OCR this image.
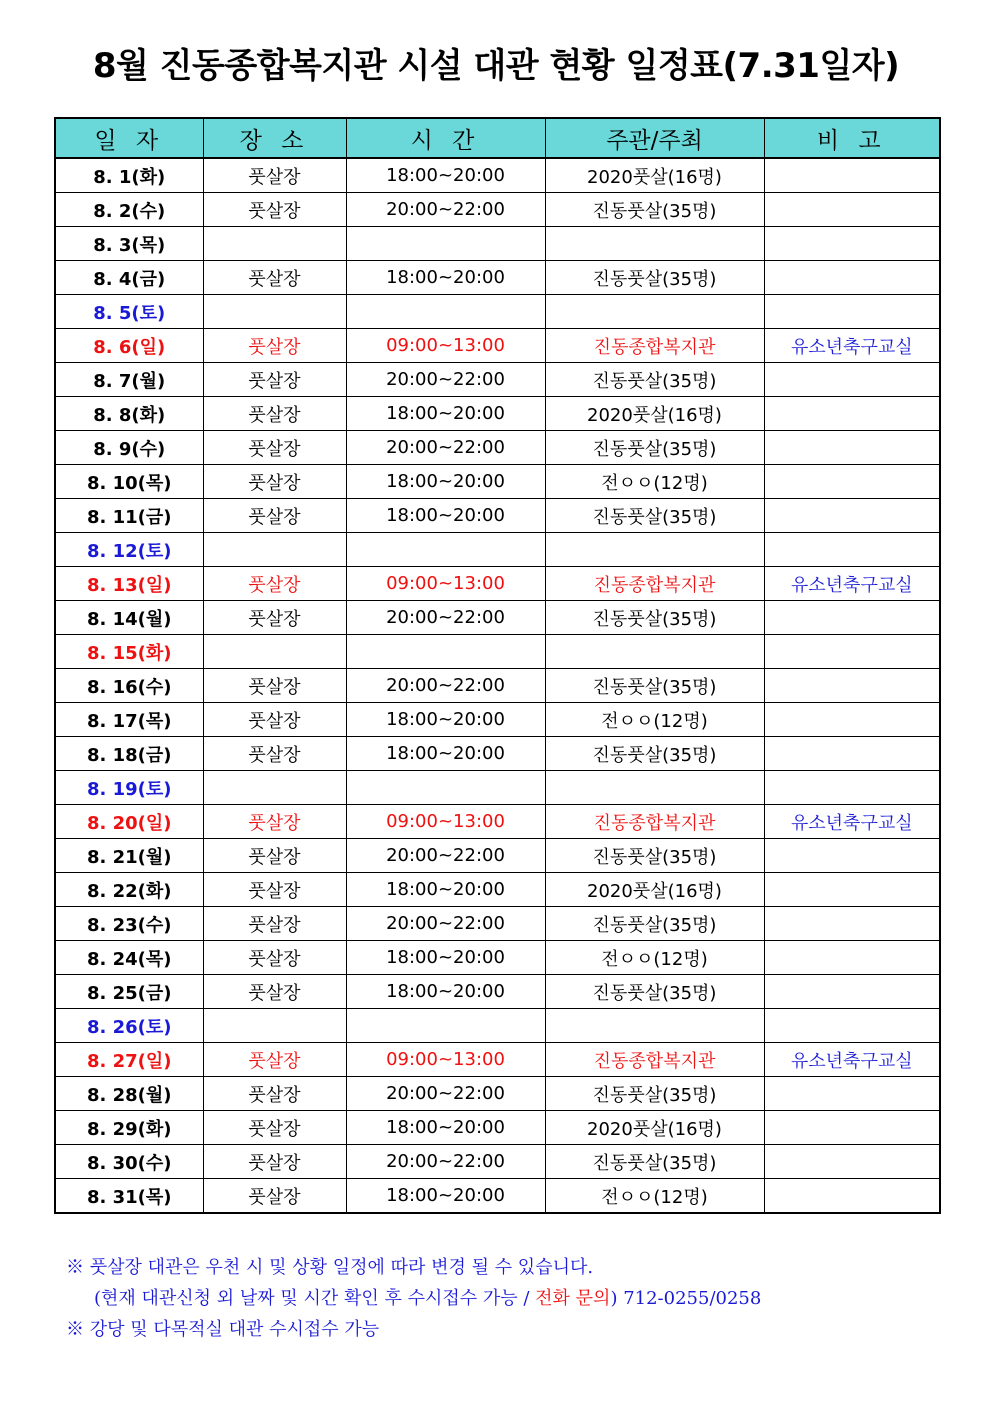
8월 진동종합복지관 시설 대관 현황 일정표(7.31일자)
일 자	장 소	시 간	주관/주최	비 고
8. 1(화)	풋살장	18:00~20:00	2020풋살(16명)	
8. 2(수)	풋살장	20:00~22:00	진동풋살(35명)	
8. 3(목)				
8. 4(금)	풋살장	18:00~20:00	진동풋살(35명)	
8. 5(토)				
8. 6(일)	풋살장	09:00~13:00	진동종합복지관	유소년축구교실
8. 7(월)	풋살장	20:00~22:00	진동풋살(35명)	
8. 8(화)	풋살장	18:00~20:00	2020풋살(16명)	
8. 9(수)	풋살장	20:00~22:00	진동풋살(35명)	
8. 10(목)	풋살장	18:00~20:00	전ㅇㅇ(12명)	
8. 11(금)	풋살장	18:00~20:00	진동풋살(35명)	
8. 12(토)				
8. 13(일)	풋살장	09:00~13:00	진동종합복지관	유소년축구교실
8. 14(월)	풋살장	20:00~22:00	진동풋살(35명)	
8. 15(화)				
8. 16(수)	풋살장	20:00~22:00	진동풋살(35명)	
8. 17(목)	풋살장	18:00~20:00	전ㅇㅇ(12명)	
8. 18(금)	풋살장	18:00~20:00	진동풋살(35명)	
8. 19(토)				
8. 20(일)	풋살장	09:00~13:00	진동종합복지관	유소년축구교실
8. 21(월)	풋살장	20:00~22:00	진동풋살(35명)	
8. 22(화)	풋살장	18:00~20:00	2020풋살(16명)	
8. 23(수)	풋살장	20:00~22:00	진동풋살(35명)	
8. 24(목)	풋살장	18:00~20:00	전ㅇㅇ(12명)	
8. 25(금)	풋살장	18:00~20:00	진동풋살(35명)	
8. 26(토)				
8. 27(일)	풋살장	09:00~13:00	진동종합복지관	유소년축구교실
8. 28(월)	풋살장	20:00~22:00	진동풋살(35명)	
8. 29(화)	풋살장	18:00~20:00	2020풋살(16명)	
8. 30(수)	풋살장	20:00~22:00	진동풋살(35명)	
8. 31(목)	풋살장	18:00~20:00	전ㅇㅇ(12명)	
※ 풋살장 대관은 우천 시 및 상황 일정에 따라 변경 될 수 있습니다.
(현재 대관신청 외 날짜 및 시간 확인 후 수시접수 가능 / 전화 문의) 712-0255/0258
※ 강당 및 다목적실 대관 수시접수 가능
